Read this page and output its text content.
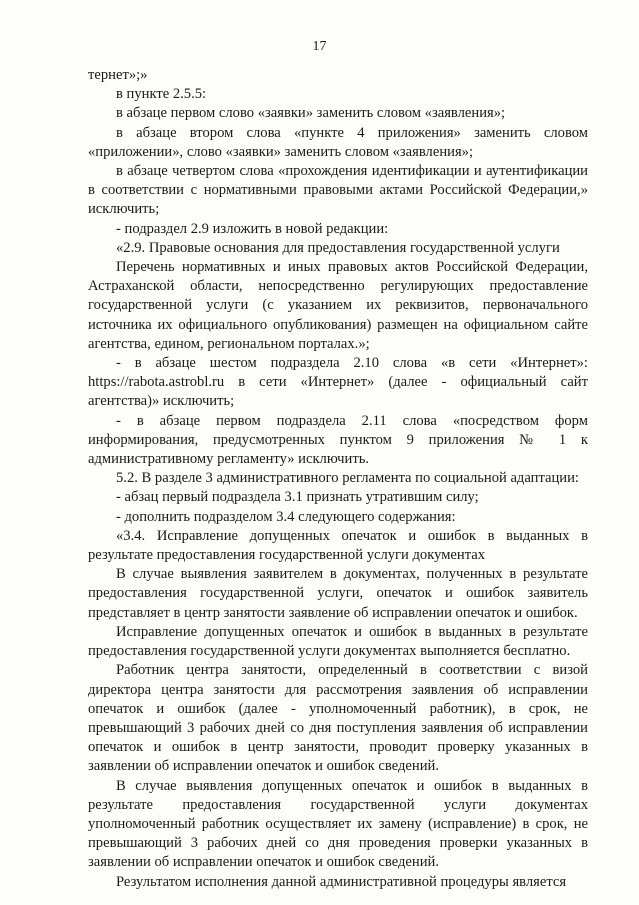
17

тернет»;»

в пункте 2.5.5:

в абзаце первом слово «заявки» заменить словом «заявления»;

в абзаце втором слова «пункте 4 приложения» заменить словом «приложении», слово «заявки» заменить словом «заявления»;

в абзаце четвертом слова «прохождения идентификации и аутентификации в соответствии с нормативными правовыми актами Российской Федерации,» исключить;

- подраздел 2.9 изложить в новой редакции:

«2.9. Правовые основания для предоставления государственной услуги

Перечень нормативных и иных правовых актов Российской Федерации, Астраханской области, непосредственно регулирующих предоставление государственной услуги (с указанием их реквизитов, первоначального источника их официального опубликования) размещен на официальном сайте агентства, едином, региональном порталах.»;

- в абзаце шестом подраздела 2.10 слова «в сети «Интернет»: https://rabota.astrobl.ru в сети «Интернет» (далее - официальный сайт агентства)» исключить;

- в абзаце первом подраздела 2.11 слова «посредством форм информирования, предусмотренных пунктом 9 приложения № 1 к административному регламенту» исключить.

5.2. В разделе 3 административного регламента по социальной адаптации:

- абзац первый подраздела 3.1 признать утратившим силу;

- дополнить подразделом 3.4 следующего содержания:

«3.4. Исправление допущенных опечаток и ошибок в выданных в результате предоставления государственной услуги документах

В случае выявления заявителем в документах, полученных в результате предоставления государственной услуги, опечаток и ошибок заявитель представляет в центр занятости заявление об исправлении опечаток и ошибок.

Исправление допущенных опечаток и ошибок в выданных в результате предоставления государственной услуги документах выполняется бесплатно.

Работник центра занятости, определенный в соответствии с визой директора центра занятости для рассмотрения заявления об исправлении опечаток и ошибок (далее - уполномоченный работник), в срок, не превышающий 3 рабочих дней со дня поступления заявления об исправлении опечаток и ошибок в центр занятости, проводит проверку указанных в заявлении об исправлении опечаток и ошибок сведений.

В случае выявления допущенных опечаток и ошибок в выданных в результате предоставления государственной услуги документах уполномоченный работник осуществляет их замену (исправление) в срок, не превышающий 3 рабочих дней со дня проведения проверки указанных в заявлении об исправлении опечаток и ошибок сведений.

Результатом исполнения данной административной процедуры является
